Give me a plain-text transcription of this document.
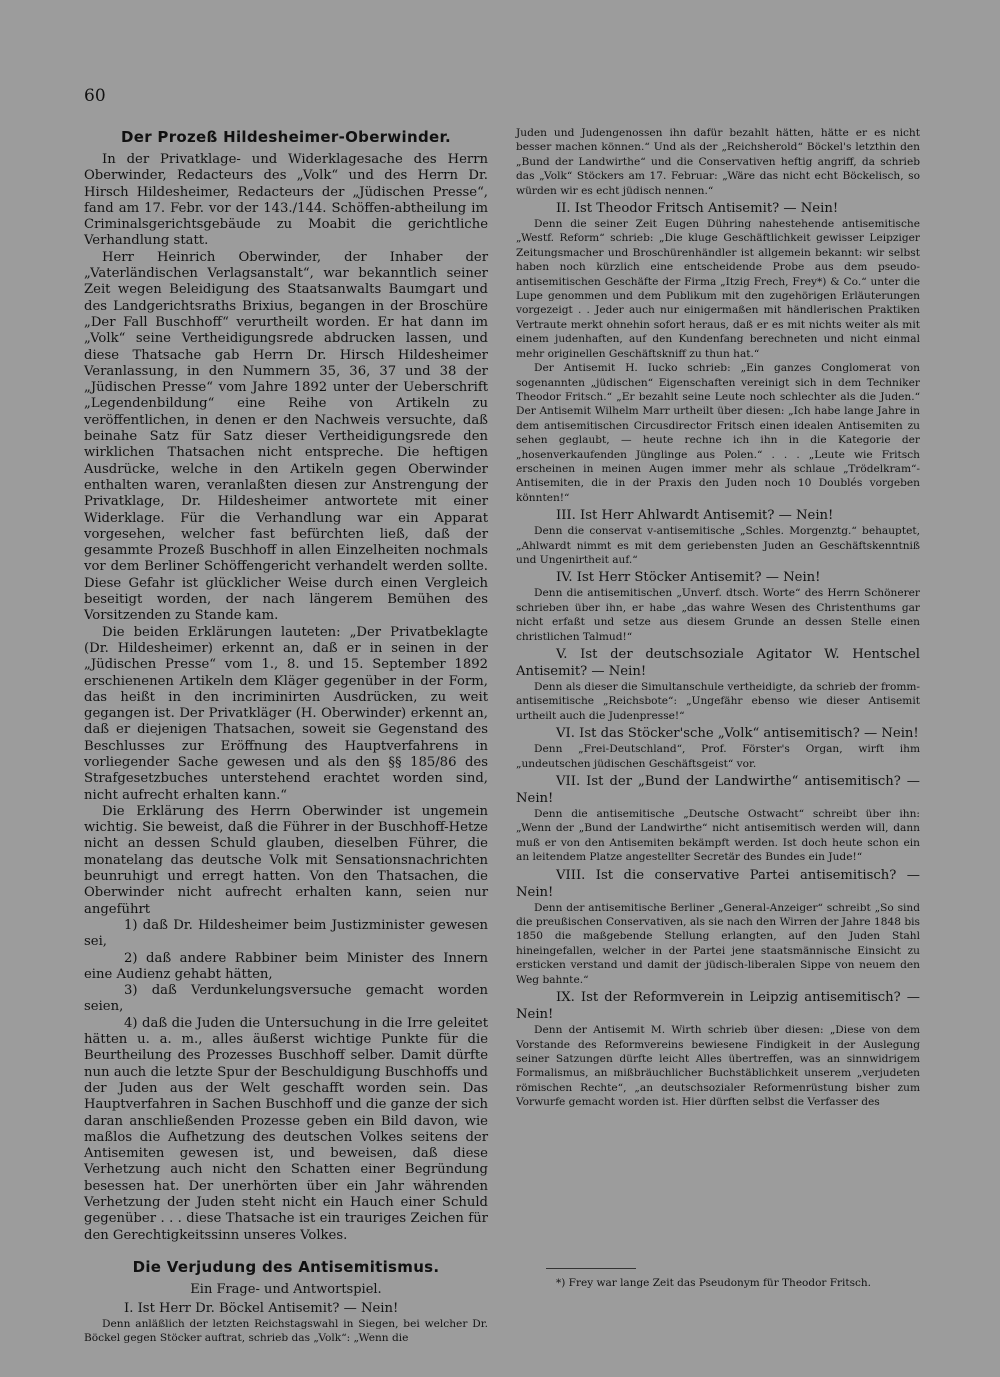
60
Der Prozeß Hildesheimer-Oberwinder.

In der Privatklage- und Widerklagesache des Herrn Oberwinder, Redacteurs des „Volk“ und des Herrn Dr. Hirsch Hildesheimer, Redacteurs der „Jüdischen Presse“, fand am 17. Febr. vor der 143./144. Schöffen-abtheilung im Criminalsgerichtsgebäude zu Moabit die gerichtliche Verhandlung statt.

Herr Heinrich Oberwinder, der Inhaber der „Vaterländischen Verlagsanstalt“, war bekanntlich seiner Zeit wegen Beleidigung des Staatsanwalts Baumgart und des Landgerichtsraths Brixius, begangen in der Broschüre „Der Fall Buschhoff“ verurtheilt worden. Er hat dann im „Volk“ seine Vertheidigungsrede abdrucken lassen, und diese Thatsache gab Herrn Dr. Hirsch Hildesheimer Veranlassung, in den Nummern 35, 36, 37 und 38 der „Jüdischen Presse“ vom Jahre 1892 unter der Ueberschrift „Legendenbildung“ eine Reihe von Artikeln zu veröffentlichen, in denen er den Nachweis versuchte, daß beinahe Satz für Satz dieser Vertheidigungsrede den wirklichen Thatsachen nicht entspreche. Die heftigen Ausdrücke, welche in den Artikeln gegen Oberwinder enthalten waren, veranlaßten diesen zur Anstrengung der Privatklage, Dr. Hildesheimer antwortete mit einer Widerklage. Für die Verhandlung war ein Apparat vorgesehen, welcher fast befürchten ließ, daß der gesammte Prozeß Buschhoff in allen Einzelheiten nochmals vor dem Berliner Schöffengericht verhandelt werden sollte. Diese Gefahr ist glücklicher Weise durch einen Vergleich beseitigt worden, der nach längerem Bemühen des Vorsitzenden zu Stande kam.

Die beiden Erklärungen lauteten: „Der Privatbeklagte (Dr. Hildesheimer) erkennt an, daß er in seinen in der „Jüdischen Presse“ vom 1., 8. und 15. September 1892 erschienenen Artikeln dem Kläger gegenüber in der Form, das heißt in den incriminirten Ausdrücken, zu weit gegangen ist. Der Privatkläger (H. Oberwinder) erkennt an, daß er diejenigen Thatsachen, soweit sie Gegenstand des Beschlusses zur Eröffnung des Hauptverfahrens in vorliegender Sache gewesen und als den §§ 185/86 des Strafgesetzbuches unterstehend erachtet worden sind, nicht aufrecht erhalten kann.“

Die Erklärung des Herrn Oberwinder ist ungemein wichtig. Sie beweist, daß die Führer in der Buschhoff-Hetze nicht an dessen Schuld glauben, dieselben Führer, die monatelang das deutsche Volk mit Sensationsnachrichten beunruhigt und erregt hatten. Von den Thatsachen, die Oberwinder nicht aufrecht erhalten kann, seien nur angeführt

1) daß Dr. Hildesheimer beim Justizminister gewesen sei,

2) daß andere Rabbiner beim Minister des Innern eine Audienz gehabt hätten,

3) daß Verdunkelungsversuche gemacht worden seien,

4) daß die Juden die Untersuchung in die Irre geleitet hätten u. a. m., alles äußerst wichtige Punkte für die Beurtheilung des Prozesses Buschhoff selber. Damit dürfte nun auch die letzte Spur der Beschuldigung Buschhoffs und der Juden aus der Welt geschafft worden sein. Das Hauptverfahren in Sachen Buschhoff und die ganze der sich daran anschließenden Prozesse geben ein Bild davon, wie maßlos die Aufhetzung des deutschen Volkes seitens der Antisemiten gewesen ist, und beweisen, daß diese Verhetzung auch nicht den Schatten einer Begründung besessen hat. Der unerhörten über ein Jahr währenden Verhetzung der Juden steht nicht ein Hauch einer Schuld gegenüber . . . diese Thatsache ist ein trauriges Zeichen für den Gerechtigkeitssinn unseres Volkes.

Die Verjudung des Antisemitismus.
Ein Frage- und Antwortspiel.

I. Ist Herr Dr. Böckel Antisemit? — Nein!

Denn anläßlich der letzten Reichstagswahl in Siegen, bei welcher Dr. Böckel gegen Stöcker auftrat, schrieb das „Volk“: „Wenn die

Juden und Judengenossen ihn dafür bezahlt hätten, hätte er es nicht besser machen können.“ Und als der „Reichsherold“ Böckel's letzthin den „Bund der Landwirthe“ und die Conservativen heftig angriff, da schrieb das „Volk“ Stöckers am 17. Februar: „Wäre das nicht echt Böckelisch, so würden wir es echt jüdisch nennen.“

II. Ist Theodor Fritsch Antisemit? — Nein!

Denn die seiner Zeit Eugen Dühring nahestehende antisemitische „Westf. Reform“ schrieb: „Die kluge Geschäftlichkeit gewisser Leipziger Zeitungsmacher und Broschürenhändler ist allgemein bekannt: wir selbst haben noch kürzlich eine entscheidende Probe aus dem pseudo-antisemitischen Geschäfte der Firma „Itzig Frech, Frey*) & Co.“ unter die Lupe genommen und dem Publikum mit den zugehörigen Erläuterungen vorgezeigt . . Jeder auch nur einigermaßen mit händlerischen Praktiken Vertraute merkt ohnehin sofort heraus, daß er es mit nichts weiter als mit einem judenhaften, auf den Kundenfang berechneten und nicht einmal mehr originellen Geschäftskniff zu thun hat.“

Der Antisemit H. Iucko schrieb: „Ein ganzes Conglomerat von sogenannten „jüdischen“ Eigenschaften vereinigt sich in dem Techniker Theodor Fritsch.“ „Er bezahlt seine Leute noch schlechter als die Juden.“ Der Antisemit Wilhelm Marr urtheilt über diesen: „Ich habe lange Jahre in dem antisemitischen Circusdirector Fritsch einen idealen Antisemiten zu sehen geglaubt, — heute rechne ich ihn in die Kategorie der „hosenverkaufenden Jünglinge aus Polen.“ . . . „Leute wie Fritsch erscheinen in meinen Augen immer mehr als schlaue „Trödelkram“-Antisemiten, die in der Praxis den Juden noch 10 Doublés vorgeben könnten!“

III. Ist Herr Ahlwardt Antisemit? — Nein!

Denn die conservat v-antisemitische „Schles. Morgenztg.“ behauptet, „Ahlwardt nimmt es mit dem geriebensten Juden an Geschäftskenntniß und Ungenirtheit auf.“

IV. Ist Herr Stöcker Antisemit? — Nein!

Denn die antisemitischen „Unverf. dtsch. Worte“ des Herrn Schönerer schrieben über ihn, er habe „das wahre Wesen des Christenthums gar nicht erfaßt und setze aus diesem Grunde an dessen Stelle einen christlichen Talmud!“

V. Ist der deutschsoziale Agitator W. Hentschel Antisemit? — Nein!

Denn als dieser die Simultanschule vertheidigte, da schrieb der fromm-antisemitische „Reichsbote“: „Ungefähr ebenso wie dieser Antisemit urtheilt auch die Judenpresse!“

VI. Ist das Stöcker'sche „Volk“ antisemitisch? — Nein!

Denn „Frei-Deutschland“, Prof. Förster's Organ, wirft ihm „undeutschen jüdischen Geschäftsgeist“ vor.

VII. Ist der „Bund der Landwirthe“ antisemitisch? — Nein!

Denn die antisemitische „Deutsche Ostwacht“ schreibt über ihn: „Wenn der „Bund der Landwirthe“ nicht antisemitisch werden will, dann muß er von den Antisemiten bekämpft werden. Ist doch heute schon ein an leitendem Platze angestellter Secretär des Bundes ein Jude!“

VIII. Ist die conservative Partei antisemitisch? — Nein!

Denn der antisemitische Berliner „General-Anzeiger“ schreibt „So sind die preußischen Conservativen, als sie nach den Wirren der Jahre 1848 bis 1850 die maßgebende Stellung erlangten, auf den Juden Stahl hineingefallen, welcher in der Partei jene staatsmännische Einsicht zu ersticken verstand und damit der jüdisch-liberalen Sippe von neuem den Weg bahnte.“

IX. Ist der Reformverein in Leipzig antisemitisch? — Nein!

Denn der Antisemit M. Wirth schrieb über diesen: „Diese von dem Vorstande des Reformvereins bewiesene Findigkeit in der Auslegung seiner Satzungen dürfte leicht Alles übertreffen, was an sinnwidrigem Formalismus, an mißbräuchlicher Buchstäblichkeit unserem „verjudeten römischen Rechte“, „an deutschsozialer Reformenrüstung bisher zum Vorwurfe gemacht worden ist. Hier dürften selbst die Verfasser des

*) Frey war lange Zeit das Pseudonym für Theodor Fritsch.
